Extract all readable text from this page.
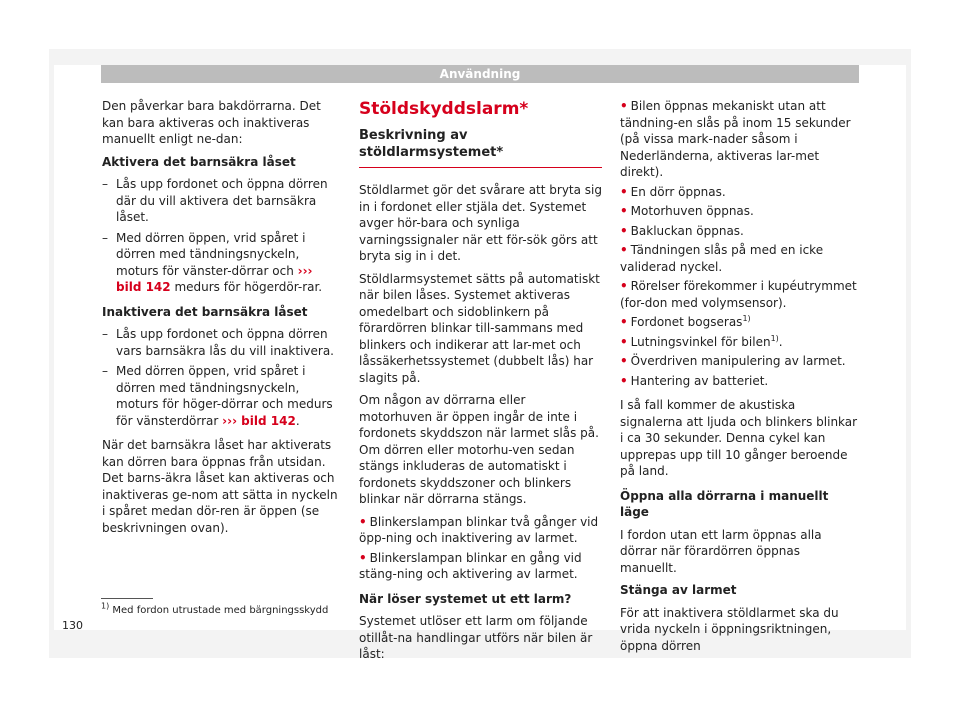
Användning

Den påverkar bara bakdörrarna. Det kan bara aktiveras och inaktiveras manuellt enligt ne-dan:

Aktivera det barnsäkra låset

– Lås upp fordonet och öppna dörren där du vill aktivera det barnsäkra låset.
– Med dörren öppen, vrid spåret i dörren med tändningsnyckeln, moturs för vänster-dörrar och ››› bild 142 medurs för högerdör-rar.

Inaktivera det barnsäkra låset

– Lås upp fordonet och öppna dörren vars barnsäkra lås du vill inaktivera.
– Med dörren öppen, vrid spåret i dörren med tändningsnyckeln, moturs för höger-dörrar och medurs för vänsterdörrar ››› bild 142.

När det barnsäkra låset har aktiverats kan dörren bara öppnas från utsidan. Det barns-äkra låset kan aktiveras och inaktiveras ge-nom att sätta in nyckeln i spåret medan dör-ren är öppen (se beskrivningen ovan).

Stöldskyddslarm*
Beskrivning av stöldlarmsystemet*

Stöldlarmet gör det svårare att bryta sig in i fordonet eller stjäla det. Systemet avger hör-bara och synliga varningssignaler när ett för-sök görs att bryta sig in i det.

Stöldlarmsystemet sätts på automatiskt när bilen låses. Systemet aktiveras omedelbart och sidoblinkern på förardörren blinkar till-sammans med blinkers och indikerar att lar-met och låssäkerhetssystemet (dubbelt lås) har slagits på.

Om någon av dörrarna eller motorhuven är öppen ingår de inte i fordonets skyddszon när larmet slås på. Om dörren eller motorhu-ven sedan stängs inkluderas de automatiskt i fordonets skyddszoner och blinkers blinkar när dörrarna stängs.

• Blinkerslampan blinkar två gånger vid öpp-ning och inaktivering av larmet.
• Blinkerslampan blinkar en gång vid stäng-ning och aktivering av larmet.

När löser systemet ut ett larm?

Systemet utlöser ett larm om följande otillåt-na handlingar utförs när bilen är låst:

• Bilen öppnas mekaniskt utan att tändning-en slås på inom 15 sekunder (på vissa mark-nader såsom i Nederländerna, aktiveras lar-met direkt).
• En dörr öppnas.
• Motorhuven öppnas.
• Bakluckan öppnas.
• Tändningen slås på med en icke validerad nyckel.
• Rörelser förekommer i kupéutrymmet (for-don med volymsensor).
• Fordonet bogseras$^{1)}$
• Lutningsvinkel för bilen$^{1)}$.
• Överdriven manipulering av larmet.
• Hantering av batteriet.

I så fall kommer de akustiska signalerna att ljuda och blinkers blinkar i ca 30 sekunder. Denna cykel kan upprepas upp till 10 gånger beroende på land.

Öppna alla dörrarna i manuellt läge

I fordon utan ett larm öppnas alla dörrar när förardörren öppnas manuellt.

Stänga av larmet

För att inaktivera stöldlarmet ska du vrida nyckeln i öppningsriktningen, öppna dörren

$^{1)}$ Med fordon utrustade med bärgningsskydd
130
